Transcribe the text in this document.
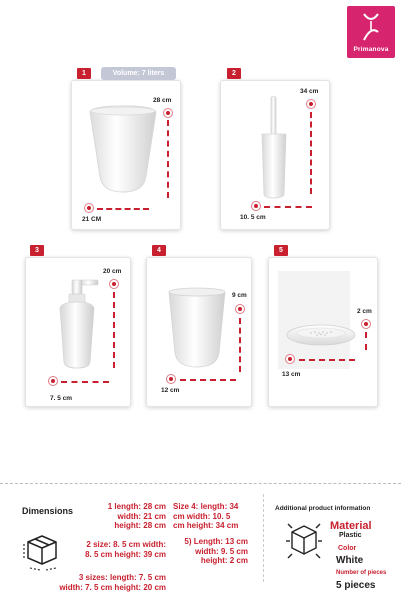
Primanova
1	Volume: 7 liters
28 cm
21 CM
2
34 cm
10. 5 cm
3
20 cm
7. 5 cm
4
9 cm
12 cm
5
2 cm
13 cm
Dimensions	1 length: 28 cm
width: 21 cm
height: 28 cm
2 size: 8. 5 cm width:
8. 5 cm height: 39 cm
3 sizes: length: 7. 5 cm
width: 7. 5 cm height: 20 cm
Size 4: length: 34
cm width: 10. 5
cm height: 34 cm
5) Length: 13 cm
width: 9. 5 cm
height: 2 cm
Additional product information
Material
Plastic
Color
White
Number of pieces
5 pieces
